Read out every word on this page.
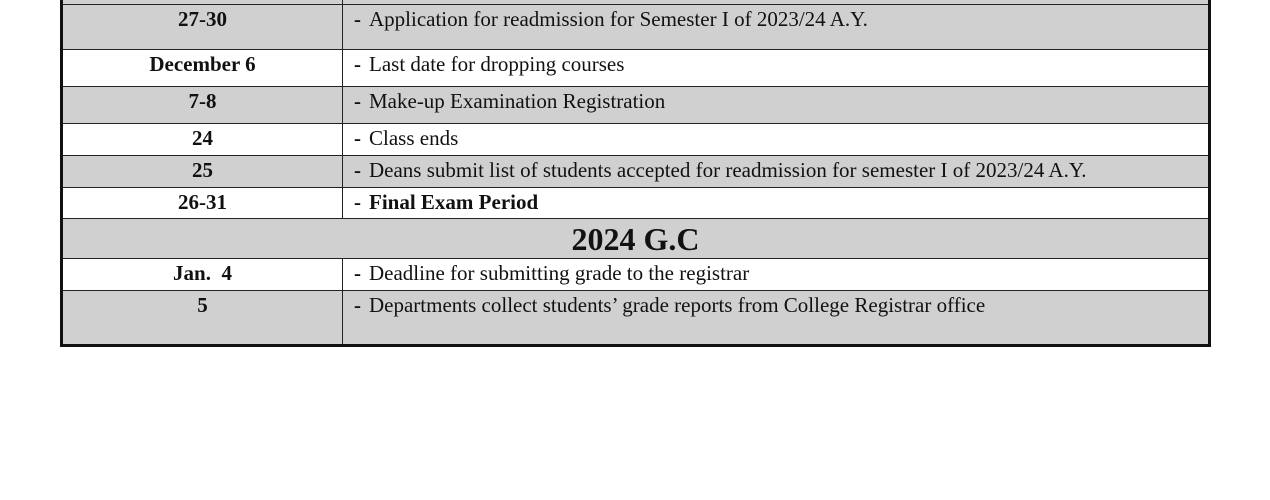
27-30	- Application for readmission for Semester I of 2023/24 A.Y.
December 6	- Last date for dropping courses
7-8	- Make-up Examination Registration
24	- Class ends
25	- Deans submit list of students accepted for readmission for semester I of 2023/24 A.Y.
26-31	- Final Exam Period
2024 G.C
Jan.  4	- Deadline for submitting grade to the registrar
5	- Departments collect students’ grade reports from College Registrar office
